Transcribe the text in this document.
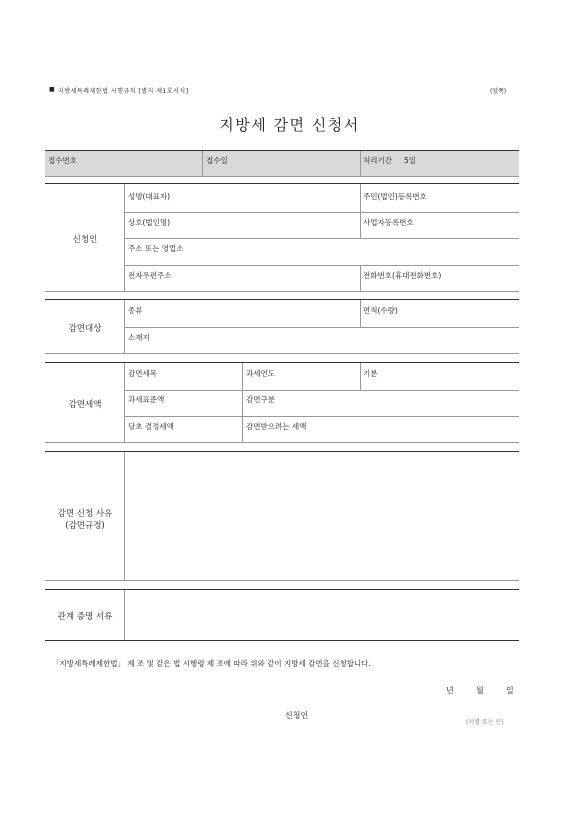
■ 지방세특례제한법 시행규칙 [별지 제1호서식]	(앞쪽)
지방세 감면 신청서
접수번호	접수일	처리기간 5일
신청인
성명(대표자)	주민(법인)등록번호
상호(법인명)	사업자등록번호
주소 또는 영업소
전자우편주소	전화번호(휴대전화번호)
감면대상
종류	면적(수량)
소재지
감면세액
감면세목	과세연도	기분
과세표준액	감면구분
당초 결정세액	감면받으려는 세액
감면 신청 사유
(감면규정)
관계 증명 서류
「지방세특례제한법」 제 조 및 같은 법 시행령 제 조에 따라 위와 같이 지방세 감면을 신청합니다.
년	월	일
신청인
(서명 또는 인)
